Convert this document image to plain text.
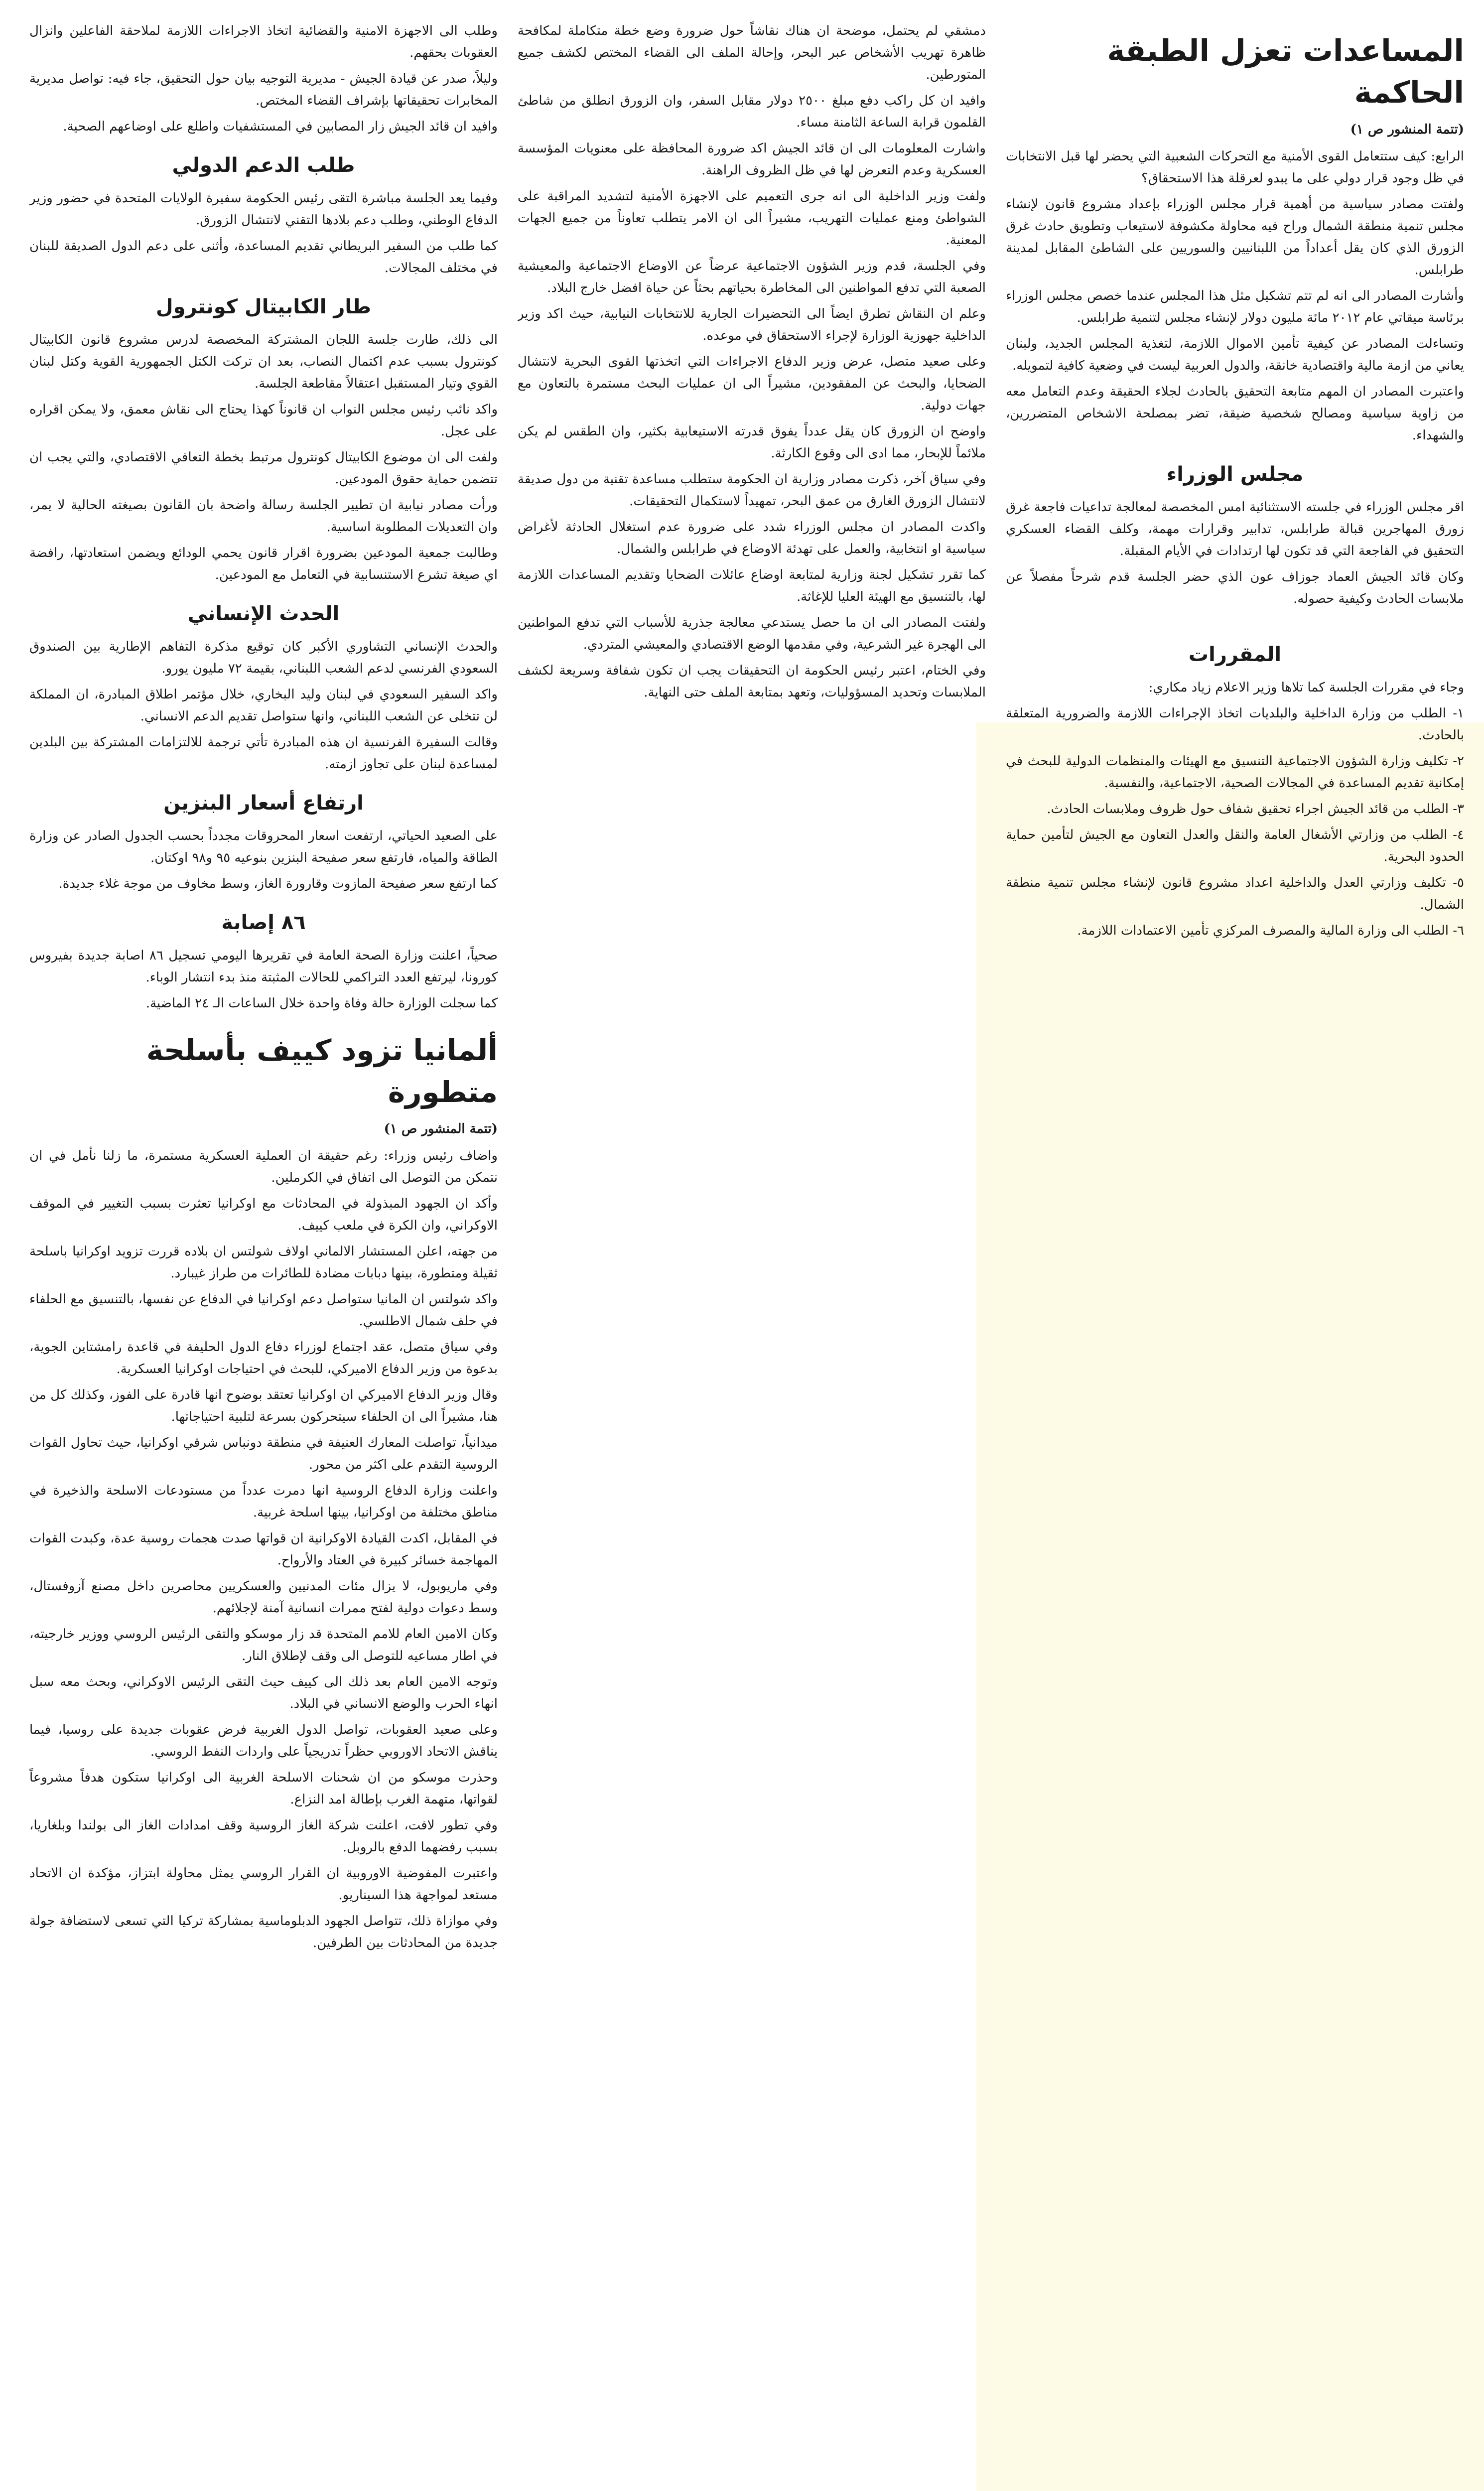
المساعدات تعزل الطبقة الحاكمة
(تتمة المنشور ص ١)

الرابع: كيف ستتعامل القوى الأمنية مع التحركات الشعبية التي يحضر لها قبل الانتخابات في ظل وجود قرار دولي على ما يبدو لعرقلة هذا الاستحقاق؟

ولفتت مصادر سياسية من أهمية قرار مجلس الوزراء بإعداد مشروع قانون لإنشاء مجلس تنمية منطقة الشمال وراح فيه محاولة مكشوفة لاستيعاب وتطويق حادث غرق الزورق الذي كان يقل أعداداً من اللبنانيين والسوريين على الشاطئ المقابل لمدينة طرابلس.

وأشارت المصادر الى انه لم تتم تشكيل مثل هذا المجلس عندما خصص مجلس الوزراء برئاسة ميقاتي عام ٢٠١٢ مائة مليون دولار لإنشاء مجلس لتنمية طرابلس.

وتساءلت المصادر عن كيفية تأمين الاموال اللازمة، لتغذية المجلس الجديد، ولبنان يعاني من ازمة مالية واقتصادية خانقة، والدول العربية ليست في وضعية كافية لتمويله.

واعتبرت المصادر ان المهم متابعة التحقيق بالحادث لجلاء الحقيقة وعدم التعامل معه من زاوية سياسية ومصالح شخصية ضيقة، تضر بمصلحة الاشخاص المتضررين، والشهداء.

مجلس الوزراء

اقر مجلس الوزراء في جلسته الاستثنائية امس المخصصة لمعالجة تداعيات فاجعة غرق زورق المهاجرين قبالة طرابلس، تدابير وقرارات مهمة، وكلف القضاء العسكري التحقيق في الفاجعة التي قد تكون لها ارتدادات في الأيام المقبلة.

وكان قائد الجيش العماد جوزاف عون الذي حضر الجلسة قدم شرحاً مفصلاً عن ملابسات الحادث وكيفية حصوله.

المقررات

وجاء في مقررات الجلسة كما تلاها وزير الاعلام زياد مكاري:

١- الطلب من وزارة الداخلية والبلديات اتخاذ الإجراءات اللازمة والضرورية المتعلقة بالحادث.

٢- تكليف وزارة الشؤون الاجتماعية التنسيق مع الهيئات والمنظمات الدولية للبحث في إمكانية تقديم المساعدة في المجالات الصحية، الاجتماعية، والنفسية.

٣- الطلب من قائد الجيش اجراء تحقيق شفاف حول ظروف وملابسات الحادث.

٤- الطلب من وزارتي الأشغال العامة والنقل والعدل التعاون مع الجيش لتأمين حماية الحدود البحرية.

٥- تكليف وزارتي العدل والداخلية اعداد مشروع قانون لإنشاء مجلس تنمية منطقة الشمال.

٦- الطلب الى وزارة المالية والمصرف المركزي تأمين الاعتمادات اللازمة.

دمشقي لم يحتمل، موضحة ان هناك نقاشاً حول ضرورة وضع خطة متكاملة لمكافحة ظاهرة تهريب الأشخاص عبر البحر، وإحالة الملف الى القضاء المختص لكشف جميع المتورطين.

وافيد ان كل راكب دفع مبلغ ٢٥٠٠ دولار مقابل السفر، وان الزورق انطلق من شاطئ القلمون قرابة الساعة الثامنة مساء.

واشارت المعلومات الى ان قائد الجيش اكد ضرورة المحافظة على معنويات المؤسسة العسكرية وعدم التعرض لها في ظل الظروف الراهنة.

ولفت وزير الداخلية الى انه جرى التعميم على الاجهزة الأمنية لتشديد المراقبة على الشواطئ ومنع عمليات التهريب، مشيراً الى ان الامر يتطلب تعاوناً من جميع الجهات المعنية.

وفي الجلسة، قدم وزير الشؤون الاجتماعية عرضاً عن الاوضاع الاجتماعية والمعيشية الصعبة التي تدفع المواطنين الى المخاطرة بحياتهم بحثاً عن حياة افضل خارج البلاد.

وعلم ان النقاش تطرق ايضاً الى التحضيرات الجارية للانتخابات النيابية، حيث اكد وزير الداخلية جهوزية الوزارة لإجراء الاستحقاق في موعده.

وعلى صعيد متصل، عرض وزير الدفاع الاجراءات التي اتخذتها القوى البحرية لانتشال الضحايا، والبحث عن المفقودين، مشيراً الى ان عمليات البحث مستمرة بالتعاون مع جهات دولية.

واوضح ان الزورق كان يقل عدداً يفوق قدرته الاستيعابية بكثير، وان الطقس لم يكن ملائماً للإبحار، مما ادى الى وقوع الكارثة.

وفي سياق آخر، ذكرت مصادر وزارية ان الحكومة ستطلب مساعدة تقنية من دول صديقة لانتشال الزورق الغارق من عمق البحر، تمهيداً لاستكمال التحقيقات.

واكدت المصادر ان مجلس الوزراء شدد على ضرورة عدم استغلال الحادثة لأغراض سياسية او انتخابية، والعمل على تهدئة الاوضاع في طرابلس والشمال.

كما تقرر تشكيل لجنة وزارية لمتابعة اوضاع عائلات الضحايا وتقديم المساعدات اللازمة لها، بالتنسيق مع الهيئة العليا للإغاثة.

ولفتت المصادر الى ان ما حصل يستدعي معالجة جذرية للأسباب التي تدفع المواطنين الى الهجرة غير الشرعية، وفي مقدمها الوضع الاقتصادي والمعيشي المتردي.

وفي الختام، اعتبر رئيس الحكومة ان التحقيقات يجب ان تكون شفافة وسريعة لكشف الملابسات وتحديد المسؤوليات، وتعهد بمتابعة الملف حتى النهاية.

وطلب الى الاجهزة الامنية والقضائية اتخاذ الاجراءات اللازمة لملاحقة الفاعلين وانزال العقوبات بحقهم.

وليلاً، صدر عن قيادة الجيش - مديرية التوجيه بيان حول التحقيق، جاء فيه: تواصل مديرية المخابرات تحقيقاتها بإشراف القضاء المختص.

وافيد ان قائد الجيش زار المصابين في المستشفيات واطلع على اوضاعهم الصحية.

طلب الدعم الدولي

وفيما يعد الجلسة مباشرة التقى رئيس الحكومة سفيرة الولايات المتحدة في حضور وزير الدفاع الوطني، وطلب دعم بلادها التقني لانتشال الزورق.

كما طلب من السفير البريطاني تقديم المساعدة، وأثنى على دعم الدول الصديقة للبنان في مختلف المجالات.

طار الكابيتال كونترول

الى ذلك، طارت جلسة اللجان المشتركة المخصصة لدرس مشروع قانون الكابيتال كونترول بسبب عدم اكتمال النصاب، بعد ان تركت الكتل الجمهورية القوية وكتل لبنان القوي وتيار المستقبل اعتقالاً مقاطعة الجلسة.

واكد نائب رئيس مجلس النواب ان قانوناً كهذا يحتاج الى نقاش معمق، ولا يمكن اقراره على عجل.

ولفت الى ان موضوع الكابيتال كونترول مرتبط بخطة التعافي الاقتصادي، والتي يجب ان تتضمن حماية حقوق المودعين.

ورأت مصادر نيابية ان تطيير الجلسة رسالة واضحة بان القانون بصيغته الحالية لا يمر، وان التعديلات المطلوبة اساسية.

وطالبت جمعية المودعين بضرورة اقرار قانون يحمي الودائع ويضمن استعادتها، رافضة اي صيغة تشرع الاستنسابية في التعامل مع المودعين.

الحدث الإنساني

والحدث الإنساني التشاوري الأكبر كان توقيع مذكرة التفاهم الإطارية بين الصندوق السعودي الفرنسي لدعم الشعب اللبناني، بقيمة ٧٢ مليون يورو.

واكد السفير السعودي في لبنان وليد البخاري، خلال مؤتمر اطلاق المبادرة، ان المملكة لن تتخلى عن الشعب اللبناني، وانها ستواصل تقديم الدعم الانساني.

وقالت السفيرة الفرنسية ان هذه المبادرة تأتي ترجمة للالتزامات المشتركة بين البلدين لمساعدة لبنان على تجاوز ازمته.

ارتفاع أسعار البنزين

على الصعيد الحياتي، ارتفعت اسعار المحروقات مجدداً بحسب الجدول الصادر عن وزارة الطاقة والمياه، فارتفع سعر صفيحة البنزين بنوعيه ٩٥ و٩٨ اوكتان.

كما ارتفع سعر صفيحة المازوت وقارورة الغاز، وسط مخاوف من موجة غلاء جديدة.

٨٦ إصابة

صحياً، اعلنت وزارة الصحة العامة في تقريرها اليومي تسجيل ٨٦ اصابة جديدة بفيروس كورونا، ليرتفع العدد التراكمي للحالات المثبتة منذ بدء انتشار الوباء.

كما سجلت الوزارة حالة وفاة واحدة خلال الساعات الـ ٢٤ الماضية.

ألمانيا تزود كييف بأسلحة متطورة
(تتمة المنشور ص ١)

واضاف رئيس وزراء: رغم حقيقة ان العملية العسكرية مستمرة، ما زلنا نأمل في ان نتمكن من التوصل الى اتفاق في الكرملين.

وأكد ان الجهود المبذولة في المحادثات مع اوكرانيا تعثرت بسبب التغيير في الموقف الاوكراني، وان الكرة في ملعب كييف.

من جهته، اعلن المستشار الالماني اولاف شولتس ان بلاده قررت تزويد اوكرانيا باسلحة ثقيلة ومتطورة، بينها دبابات مضادة للطائرات من طراز غيبارد.

واكد شولتس ان المانيا ستواصل دعم اوكرانيا في الدفاع عن نفسها، بالتنسيق مع الحلفاء في حلف شمال الاطلسي.

وفي سياق متصل، عقد اجتماع لوزراء دفاع الدول الحليفة في قاعدة رامشتاين الجوية، بدعوة من وزير الدفاع الاميركي، للبحث في احتياجات اوكرانيا العسكرية.

وقال وزير الدفاع الاميركي ان اوكرانيا تعتقد بوضوح انها قادرة على الفوز، وكذلك كل من هنا، مشيراً الى ان الحلفاء سيتحركون بسرعة لتلبية احتياجاتها.

ميدانياً، تواصلت المعارك العنيفة في منطقة دونباس شرقي اوكرانيا، حيث تحاول القوات الروسية التقدم على اكثر من محور.

واعلنت وزارة الدفاع الروسية انها دمرت عدداً من مستودعات الاسلحة والذخيرة في مناطق مختلفة من اوكرانيا، بينها اسلحة غربية.

في المقابل، اكدت القيادة الاوكرانية ان قواتها صدت هجمات روسية عدة، وكبدت القوات المهاجمة خسائر كبيرة في العتاد والأرواح.

وفي ماريوبول، لا يزال مئات المدنيين والعسكريين محاصرين داخل مصنع آزوفستال، وسط دعوات دولية لفتح ممرات انسانية آمنة لإجلائهم.

وكان الامين العام للامم المتحدة قد زار موسكو والتقى الرئيس الروسي ووزير خارجيته، في اطار مساعيه للتوصل الى وقف لإطلاق النار.

وتوجه الامين العام بعد ذلك الى كييف حيث التقى الرئيس الاوكراني، وبحث معه سبل انهاء الحرب والوضع الانساني في البلاد.

وعلى صعيد العقوبات، تواصل الدول الغربية فرض عقوبات جديدة على روسيا، فيما يناقش الاتحاد الاوروبي حظراً تدريجياً على واردات النفط الروسي.

وحذرت موسكو من ان شحنات الاسلحة الغربية الى اوكرانيا ستكون هدفاً مشروعاً لقواتها، متهمة الغرب بإطالة امد النزاع.

وفي تطور لافت، اعلنت شركة الغاز الروسية وقف امدادات الغاز الى بولندا وبلغاريا، بسبب رفضهما الدفع بالروبل.

واعتبرت المفوضية الاوروبية ان القرار الروسي يمثل محاولة ابتزاز، مؤكدة ان الاتحاد مستعد لمواجهة هذا السيناريو.

وفي موازاة ذلك، تتواصل الجهود الدبلوماسية بمشاركة تركيا التي تسعى لاستضافة جولة جديدة من المحادثات بين الطرفين.
